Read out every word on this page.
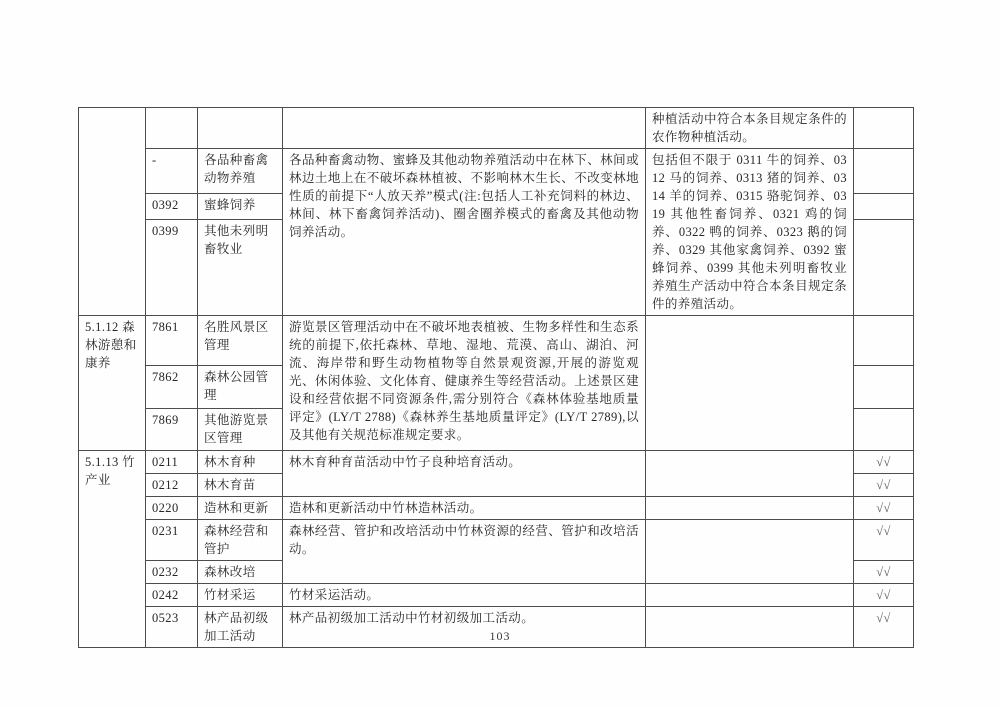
				种植活动中符合本条目规定条件的农作物种植活动。	
	-	各品种畜禽动物养殖	各品种畜禽动物、蜜蜂及其他动物养殖活动中在林下、林间或林边土地上在不破坏森林植被、不影响林木生长、不改变林地性质的前提下“人放天养”模式(注:包括人工补充饲料的林边、林间、林下畜禽饲养活动)、圈舍圈养模式的畜禽及其他动物饲养活动。	包括但不限于 0311 牛的饲养、0312 马的饲养、0313 猪的饲养、0314 羊的饲养、0315 骆驼饲养、0319 其他牲畜饲养、0321 鸡的饲养、0322 鸭的饲养、0323 鹅的饲养、0329 其他家禽饲养、0392 蜜蜂饲养、0399 其他未列明畜牧业养殖生产活动中符合本条目规定条件的养殖活动。	
	0392	蜜蜂饲养			
	0399	其他未列明畜牧业			
5.1.12 森林游憩和康养	7861	名胜风景区管理	游览景区管理活动中在不破坏地表植被、生物多样性和生态系统的前提下,依托森林、草地、湿地、荒漠、高山、湖泊、河流、海岸带和野生动物植物等自然景观资源,开展的游览观光、休闲体验、文化体育、健康养生等经营活动。上述景区建设和经营依据不同资源条件,需分别符合《森林体验基地质量评定》(LY/T 2788)《森林养生基地质量评定》(LY/T 2789),以及其他有关规范标准规定要求。		
	7862	森林公园管理			
	7869	其他游览景区管理			
5.1.13 竹产业	0211	林木育种	林木育种育苗活动中竹子良种培育活动。		√√
	0212	林木育苗			√√
	0220	造林和更新	造林和更新活动中竹林造林活动。		√√
	0231	森林经营和管护	森林经营、管护和改培活动中竹林资源的经营、管护和改培活动。		√√
	0232	森林改培			√√
	0242	竹材采运	竹材采运活动。		√√
	0523	林产品初级加工活动	林产品初级加工活动中竹材初级加工活动。		√√
103
